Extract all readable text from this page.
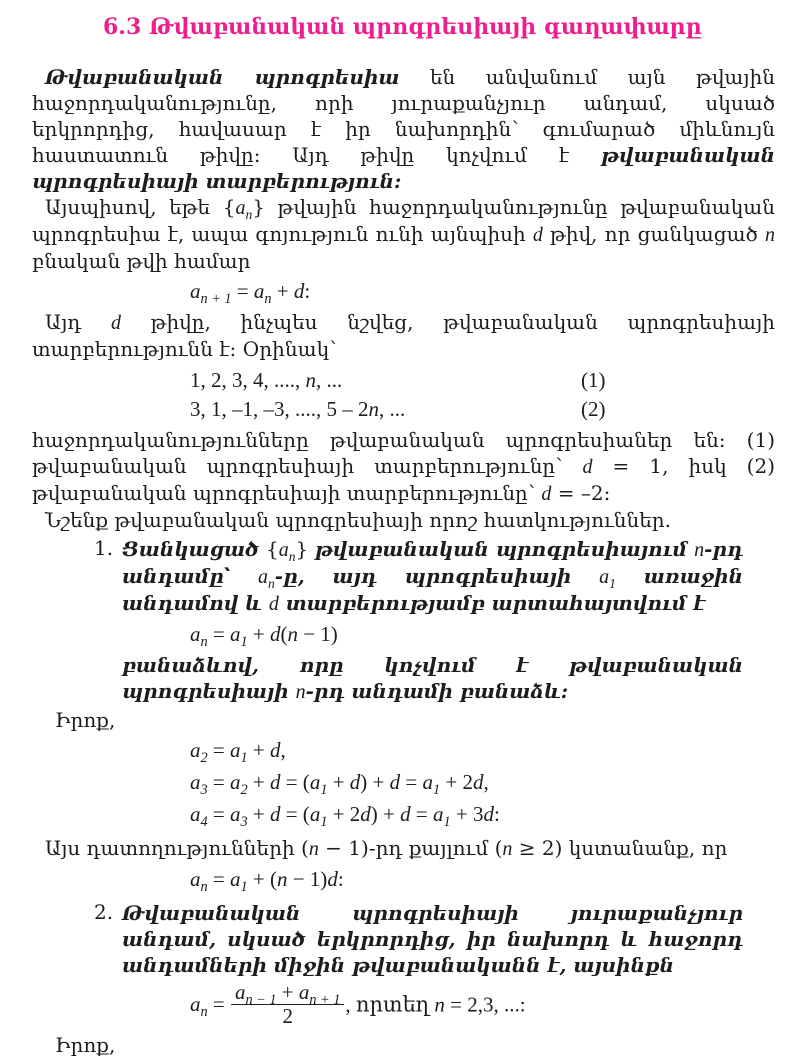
6.3 Թվաբանական պրոգրեսիայի գաղափարը

Թվաբանական պրոգրեսիա են անվանում այն թվային հաջորդականությունը, որի յուրաքանչյուր անդամ, սկսած երկրորդից, հավասար է իր նախորդին՝ գումարած միևնույն հաստատուն թիվը: Այդ թիվը կոչվում է թվաբանական պրոգրեսիայի տարբերություն:

Այսպիսով, եթե $\{a_n\}$ թվային հաջորդականությունը թվաբանական պրոգրեսիա է, ապա գոյություն ունի այնպիսի d թիվ, որ ցանկացած n բնական թվի համար

$a_{n + 1} = a_n + d$:

Այդ d թիվը, ինչպես նշվեց, թվաբանական պրոգրեսիայի տարբերությունն է: Օրինակ՝

1, 2, 3, 4, ...., n, ...	(1)
3, 1, –1, –3, ...., 5 – 2n, ...	(2)

հաջորդականությունները թվաբանական պրոգրեսիաներ են: (1) թվաբանական պրոգրեսիայի տարբերությունը՝ d = 1, իսկ (2) թվաբանական պրոգրեսիայի տարբերությունը՝ d = –2:

Նշենք թվաբանական պրոգրեսիայի որոշ հատկություններ.

1. Ցանկացած $\{a_n\}$ թվաբանական պրոգրեսիայում n-րդ անդամը՝ $a_n-ը$, այդ պրոգրեսիայի $a_1$ առաջին անդամով և d տարբերությամբ արտահայտվում է

$a_n = a_1 + d(n - 1)$

բանաձևով, որը կոչվում է թվաբանական պրոգրեսիայի n-րդ անդամի բանաձև:

Իրոք,

$a_2 = a_1 + d$,
$a_3 = a_2 + d = (a_1 + d) + d = a_1 + 2d$,
$a_4 = a_3 + d = (a_1 + 2d) + d = a_1 + 3d$:

Այս դատողությունների (n − 1)-րդ քայլում (n ≥ 2) կստանանք, որ

$a_n = a_1 + (n - 1)d$:
2. Թվաբանական պրոգրեսիայի յուրաքանչյուր անդամ, սկսած երկրորդից, իր նախորդ և հաջորդ անդամների միջին թվաբանականն է, այսինքն

$a_n = \frac{a_{n - 1} + a_{n + 1}}{2}$ , որտեղ n = 2,3, ...:

Իրոք,
